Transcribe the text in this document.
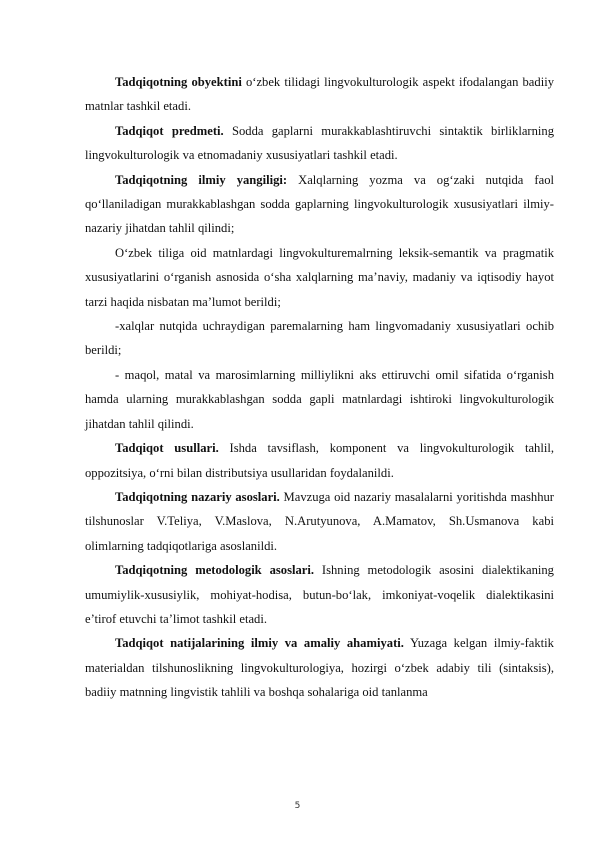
Tadqiqotning obyektini o‘zbek tilidagi lingvokulturologik aspekt ifodalangan badiiy matnlar tashkil etadi.

Tadqiqot predmeti. Sodda gaplarni murakkablashtiruvchi sintaktik birliklarning lingvokulturologik va etnomadaniy xususiyatlari tashkil etadi.

Tadqiqotning ilmiy yangiligi: Xalqlarning yozma va og‘zaki nutqida faol qo‘llaniladigan murakkablashgan sodda gaplarning lingvokulturologik xususiyatlari ilmiy-nazariy jihatdan tahlil qilindi;

O‘zbek tiliga oid matnlardagi lingvokulturemalrning leksik-semantik va pragmatik xususiyatlarini o‘rganish asnosida o‘sha xalqlarning ma’naviy, madaniy va iqtisodiy hayot tarzi haqida nisbatan ma’lumot berildi;

-xalqlar nutqida uchraydigan paremalarning ham lingvomadaniy xususiyatlari ochib berildi;

- maqol, matal va marosimlarning milliylikni aks ettiruvchi omil sifatida o‘rganish hamda ularning murakkablashgan sodda gapli matnlardagi ishtiroki lingvokulturologik jihatdan tahlil qilindi.

Tadqiqot usullari. Ishda tavsiflash, komponent va lingvokulturologik tahlil, oppozitsiya, o‘rni bilan distributsiya usullaridan foydalanildi.

Tadqiqotning nazariy asoslari. Mavzuga oid nazariy masalalarni yoritishda mashhur tilshunoslar V.Teliya, V.Maslova, N.Arutyunova, A.Mamatov, Sh.Usmanova kabi olimlarning tadqiqotlariga asoslanildi.

Tadqiqotning metodologik asoslari. Ishning metodologik asosini dialektikaning umumiylik-xususiylik, mohiyat-hodisa, butun-bo‘lak, imkoniyat-voqelik dialektikasini e’tirof etuvchi ta’limot tashkil etadi.

Tadqiqot natijalarining ilmiy va amaliy ahamiyati. Yuzaga kelgan ilmiy-faktik materialdan tilshunoslikning lingvokulturologiya, hozirgi o‘zbek adabiy tili (sintaksis), badiiy matnning lingvistik tahlili va boshqa sohalariga oid tanlanma

5
